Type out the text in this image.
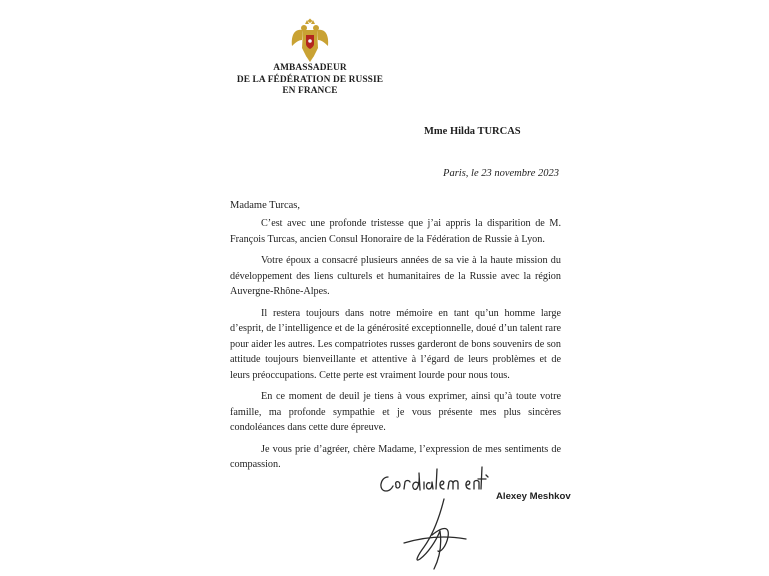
AMBASSADEUR
DE LA FÉDÉRATION DE RUSSIE
EN FRANCE
Mme Hilda TURCAS
Paris, le 23 novembre 2023
Madame Turcas,

C’est avec une profonde tristesse que j’ai appris la disparition de M. François Turcas, ancien Consul Honoraire de la Fédération de Russie à Lyon.

Votre époux a consacré plusieurs années de sa vie à la haute mission du développement des liens culturels et humanitaires de la Russie avec la région Auvergne-Rhône-Alpes.

Il restera toujours dans notre mémoire en tant qu’un homme large d’esprit, de l’intelligence et de la générosité exceptionnelle, doué d’un talent rare pour aider les autres. Les compatriotes russes garderont de bons souvenirs de son attitude toujours bienveillante et attentive à l’égard de leurs problèmes et de leurs préoccupations. Cette perte est vraiment lourde pour nous tous.

En ce moment de deuil je tiens à vous exprimer, ainsi qu’à toute votre famille, ma profonde sympathie et je vous présente mes plus sincères condoléances dans cette dure épreuve.

Je vous prie d’agréer, chère Madame, l’expression de mes sentiments de compassion.

Alexey Meshkov
